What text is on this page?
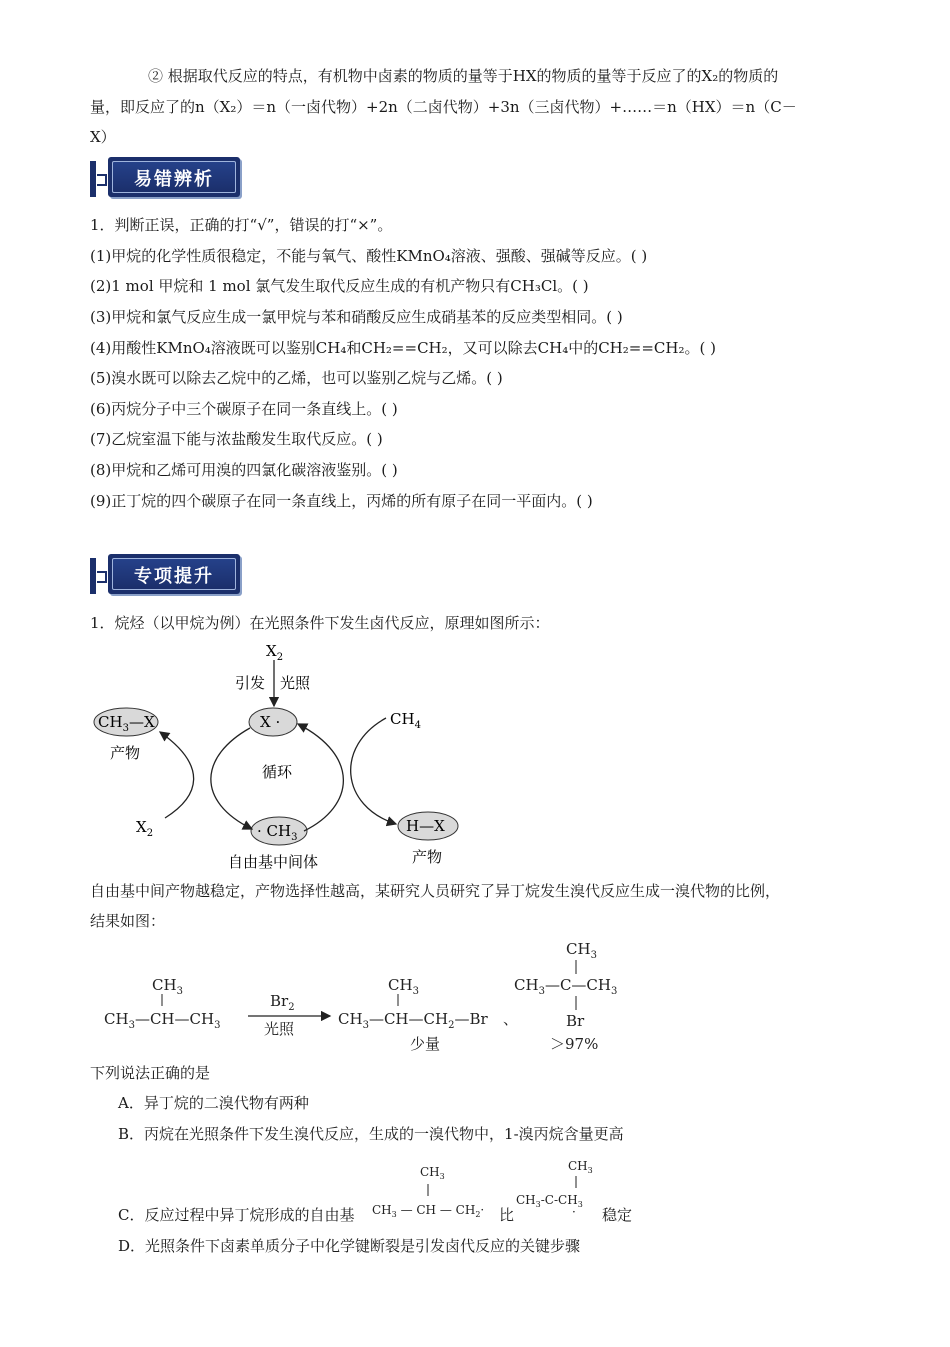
② 根据取代反应的特点，有机物中卤素的物质的量等于HX的物质的量等于反应了的X₂的物质的
量，即反应了的n（X₂）＝n（一卤代物）+2n（二卤代物）+3n（三卤代物）+……＝n（HX）＝n（C－
X）
易错辨析
1．判断正误，正确的打“√”，错误的打“×”。
(1)甲烷的化学性质很稳定，不能与氧气、酸性KMnO₄溶液、强酸、强碱等反应。( )
(2)1 mol 甲烷和 1 mol 氯气发生取代反应生成的有机产物只有CH₃Cl。( )
(3)甲烷和氯气反应生成一氯甲烷与苯和硝酸反应生成硝基苯的反应类型相同。( )
(4)用酸性KMnO₄溶液既可以鉴别CH₄和CH₂==CH₂，又可以除去CH₄中的CH₂==CH₂。( )
(5)溴水既可以除去乙烷中的乙烯，也可以鉴别乙烷与乙烯。( )
(6)丙烷分子中三个碳原子在同一条直线上。( )
(7)乙烷室温下能与浓盐酸发生取代反应。( )
(8)甲烷和乙烯可用溴的四氯化碳溶液鉴别。( )
(9)正丁烷的四个碳原子在同一条直线上，丙烯的所有原子在同一平面内。( )
专项提升
1．烷烃（以甲烷为例）在光照条件下发生卤代反应，原理如图所示：
$X_2$
引发 光照
X ·
$CH_3—X$
产物
$CH_4$
循环
· $CH_3$
H—X
产物
$X_2$
自由基中间体
自由基中间产物越稳定，产物选择性越高，某研究人员研究了异丁烷发生溴代反应生成一溴代物的比例，
结果如图：
$CH_3$
$CH_3—CH—CH_3$
$Br_2$
光照
$CH_3$
$CH_3—CH—CH_2—Br$
少量
、
$CH_3$
$CH_3—C—CH_3$
Br
＞97%
下列说法正确的是
A．异丁烷的二溴代物有两种
B．丙烷在光照条件下发生溴代反应，生成的一溴代物中，1-溴丙烷含量更高
C．反应过程中异丁烷形成的自由基
$CH_3$
$CH_3$ — CH — $CH_2\cdot$
$CH_3$
$CH_3-C-CH_3$
·
比	稳定
D．光照条件下卤素单质分子中化学键断裂是引发卤代反应的关键步骤
